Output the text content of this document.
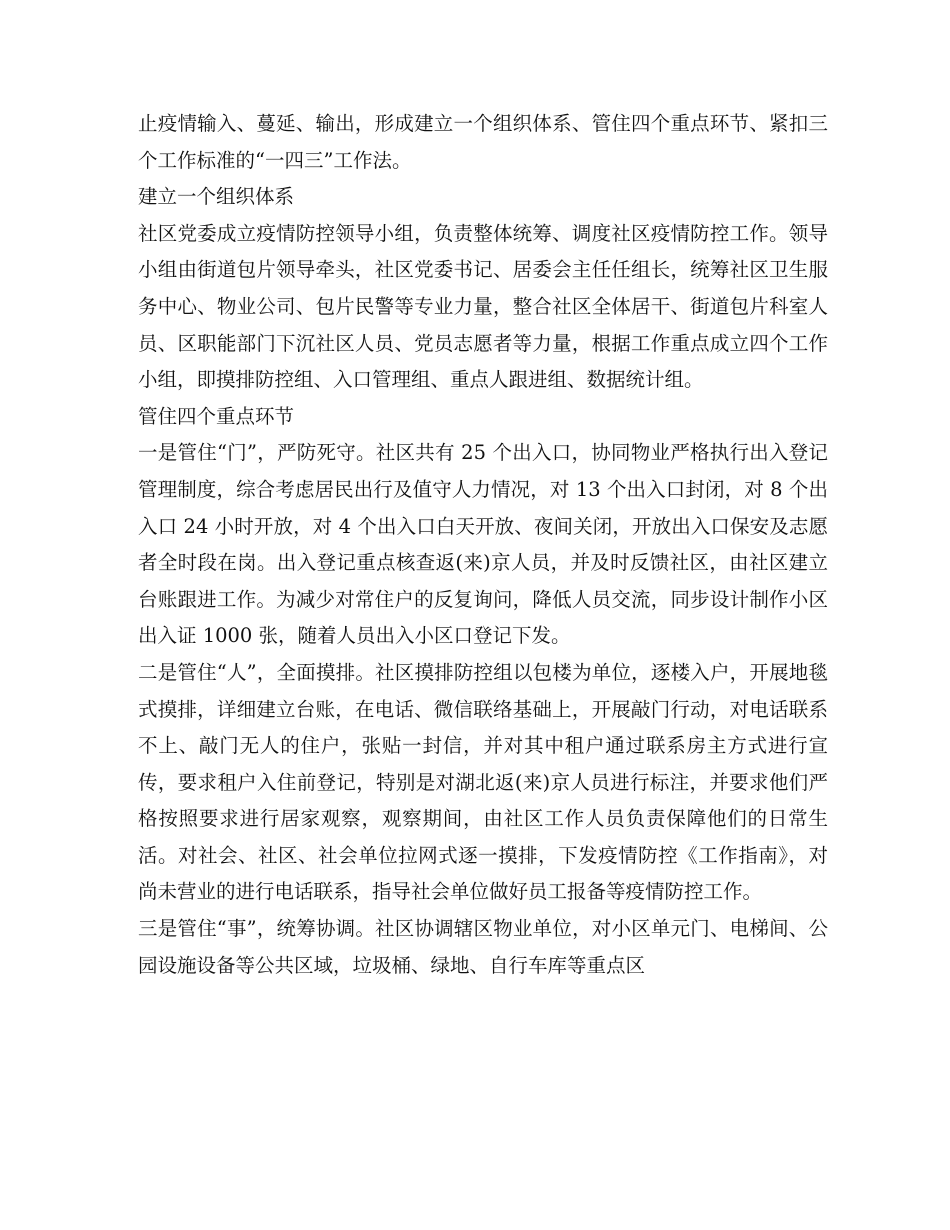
止疫情输入、蔓延、输出，形成建立一个组织体系、管住四个重点环节、紧扣三个工作标准的“一四三”工作法。

建立一个组织体系

社区党委成立疫情防控领导小组，负责整体统筹、调度社区疫情防控工作。领导小组由街道包片领导牵头，社区党委书记、居委会主任任组长，统筹社区卫生服务中心、物业公司、包片民警等专业力量，整合社区全体居干、街道包片科室人员、区职能部门下沉社区人员、党员志愿者等力量，根据工作重点成立四个工作小组，即摸排防控组、入口管理组、重点人跟进组、数据统计组。

管住四个重点环节

一是管住“门”，严防死守。社区共有 25 个出入口，协同物业严格执行出入登记管理制度，综合考虑居民出行及值守人力情况，对 13 个出入口封闭，对 8 个出入口 24 小时开放，对 4 个出入口白天开放、夜间关闭，开放出入口保安及志愿者全时段在岗。出入登记重点核查返(来)京人员，并及时反馈社区，由社区建立台账跟进工作。为减少对常住户的反复询问，降低人员交流，同步设计制作小区出入证 1000 张，随着人员出入小区口登记下发。

二是管住“人”，全面摸排。社区摸排防控组以包楼为单位，逐楼入户，开展地毯式摸排，详细建立台账，在电话、微信联络基础上，开展敲门行动，对电话联系不上、敲门无人的住户，张贴一封信，并对其中租户通过联系房主方式进行宣传，要求租户入住前登记，特别是对湖北返(来)京人员进行标注，并要求他们严格按照要求进行居家观察，观察期间，由社区工作人员负责保障他们的日常生活。对社会、社区、社会单位拉网式逐一摸排，下发疫情防控《工作指南》，对尚未营业的进行电话联系，指导社会单位做好员工报备等疫情防控工作。

三是管住“事”，统筹协调。社区协调辖区物业单位，对小区单元门、电梯间、公园设施设备等公共区域，垃圾桶、绿地、自行车库等重点区
